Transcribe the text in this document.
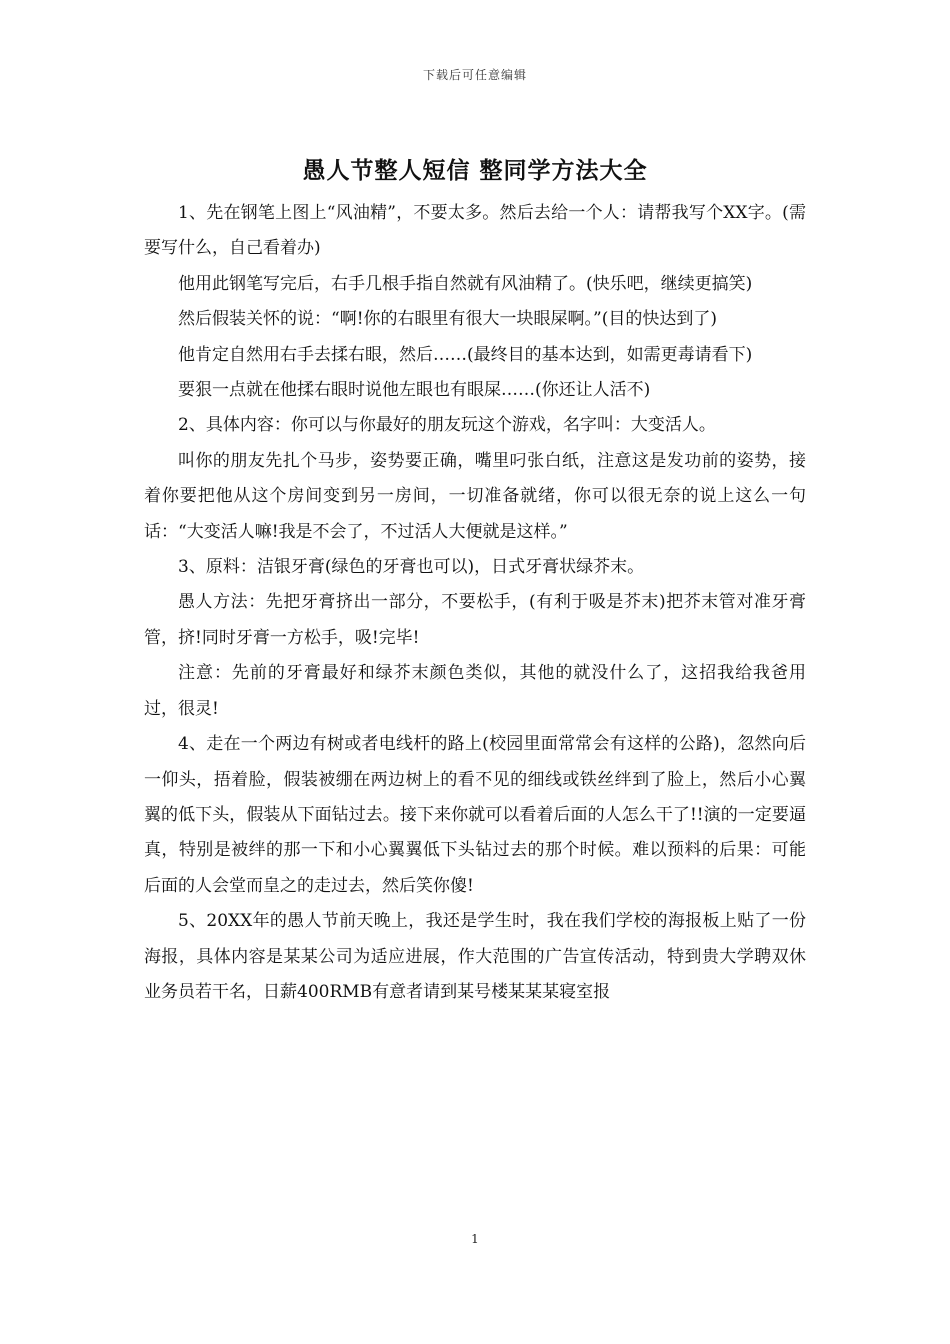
下载后可任意编辑
愚人节整人短信 整同学方法大全

1、先在钢笔上图上“风油精”，不要太多。然后去给一个人：请帮我写个XX字。(需要写什么，自己看着办)

他用此钢笔写完后，右手几根手指自然就有风油精了。(快乐吧，继续更搞笑)

然后假装关怀的说：“啊!你的右眼里有很大一块眼屎啊。”(目的快达到了)

他肯定自然用右手去揉右眼，然后……(最终目的基本达到，如需更毒请看下)

要狠一点就在他揉右眼时说他左眼也有眼屎……(你还让人活不)

2、具体内容：你可以与你最好的朋友玩这个游戏，名字叫：大变活人。

叫你的朋友先扎个马步，姿势要正确，嘴里叼张白纸，注意这是发功前的姿势，接着你要把他从这个房间变到另一房间，一切准备就绪，你可以很无奈的说上这么一句话：“大变活人嘛!我是不会了，不过活人大便就是这样。”

3、原料：洁银牙膏(绿色的牙膏也可以)，日式牙膏状绿芥末。

愚人方法：先把牙膏挤出一部分，不要松手，(有利于吸是芥末)把芥末管对准牙膏管，挤!同时牙膏一方松手，吸!完毕!

注意：先前的牙膏最好和绿芥末颜色类似，其他的就没什么了，这招我给我爸用过，很灵!

4、走在一个两边有树或者电线杆的路上(校园里面常常会有这样的公路)，忽然向后一仰头，捂着脸，假装被绷在两边树上的看不见的细线或铁丝绊到了脸上，然后小心翼翼的低下头，假装从下面钻过去。接下来你就可以看着后面的人怎么干了!!演的一定要逼真，特别是被绊的那一下和小心翼翼低下头钻过去的那个时候。难以预料的后果：可能后面的人会堂而皇之的走过去，然后笑你傻!

5、20XX年的愚人节前天晚上，我还是学生时，我在我们学校的海报板上贴了一份海报，具体内容是某某公司为适应进展，作大范围的广告宣传活动，特到贵大学聘双休业务员若干名，日薪400RMB有意者请到某号楼某某某寝室报

1
